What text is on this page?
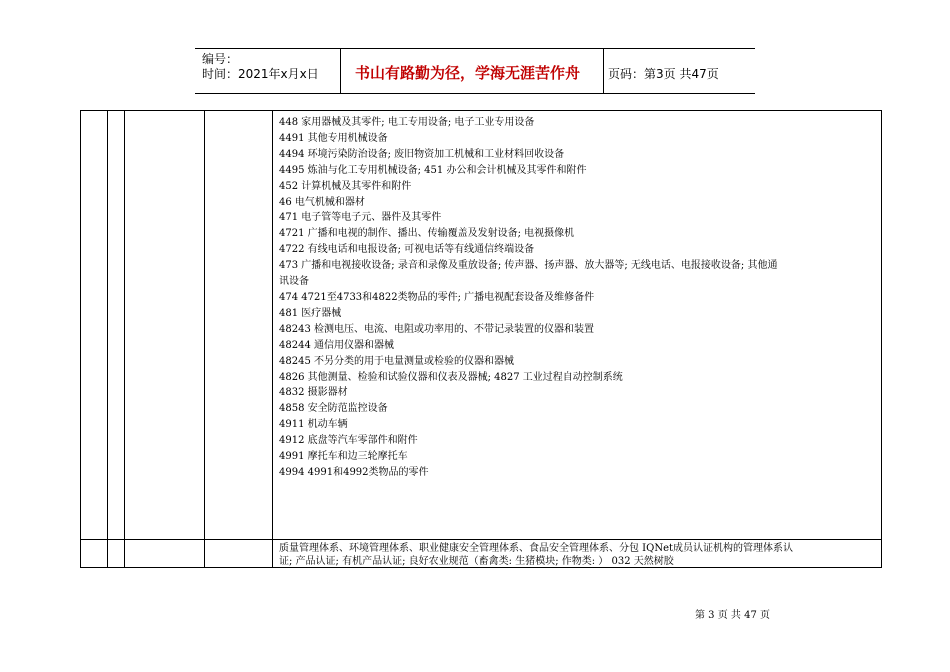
编号：
时间：2021年x月x日 书山有路勤为径，学海无涯苦作舟 页码：第3页 共47页
448 家用器械及其零件; 电工专用设备; 电子工业专用设备
4491 其他专用机械设备
4494 环境污染防治设备; 废旧物资加工机械和工业材料回收设备
4495 炼油与化工专用机械设备; 451 办公和会计机械及其零件和附件
452 计算机械及其零件和附件
46 电气机械和器材
471 电子管等电子元、器件及其零件
4721 广播和电视的制作、播出、传输覆盖及发射设备; 电视摄像机
4722 有线电话和电报设备; 可视电话等有线通信终端设备
473 广播和电视接收设备; 录音和录像及重放设备; 传声器、扬声器、放大器等; 无线电话、电报接收设备; 其他通
讯设备
474 4721至4733和4822类物品的零件; 广播电视配套设备及维修备件
481 医疗器械
48243 检测电压、电流、电阻或功率用的、不带记录装置的仪器和装置
48244 通信用仪器和器械
48245 不另分类的用于电量测量或检验的仪器和器械
4826 其他测量、检验和试验仪器和仪表及器械; 4827 工业过程自动控制系统
4832 摄影器材
4858 安全防范监控设备
4911 机动车辆
4912 底盘等汽车零部件和附件
4991 摩托车和边三轮摩托车
4994 4991和4992类物品的零件
质量管理体系、环境管理体系、职业健康安全管理体系、食品安全管理体系、分包 IQNet成员认证机构的管理体系认
证; 产品认证; 有机产品认证; 良好农业规范（畜禽类: 生猪模块; 作物类: ） 032 天然树胶
第 3 页 共 47 页
